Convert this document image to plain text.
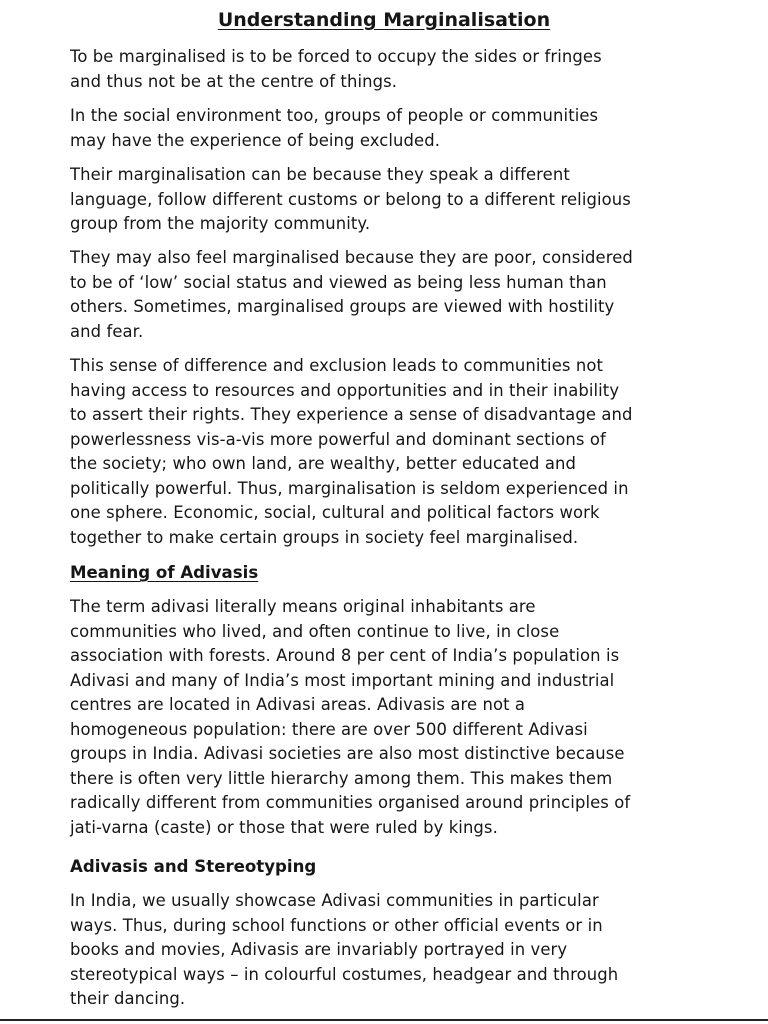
Understanding Marginalisation

To be marginalised is to be forced to occupy the sides or fringes
and thus not be at the centre of things.

In the social environment too, groups of people or communities
may have the experience of being excluded.

Their marginalisation can be because they speak a different
language, follow different customs or belong to a different religious
group from the majority community.

They may also feel marginalised because they are poor, considered
to be of ‘low’ social status and viewed as being less human than
others. Sometimes, marginalised groups are viewed with hostility
and fear.

This sense of difference and exclusion leads to communities not
having access to resources and opportunities and in their inability
to assert their rights. They experience a sense of disadvantage and
powerlessness vis-a-vis more powerful and dominant sections of
the society; who own land, are wealthy, better educated and
politically powerful. Thus, marginalisation is seldom experienced in
one sphere. Economic, social, cultural and political factors work
together to make certain groups in society feel marginalised.

Meaning of Adivasis

The term adivasi literally means original inhabitants are
communities who lived, and often continue to live, in close
association with forests. Around 8 per cent of India’s population is
Adivasi and many of India’s most important mining and industrial
centres are located in Adivasi areas. Adivasis are not a
homogeneous population: there are over 500 different Adivasi
groups in India. Adivasi societies are also most distinctive because
there is often very little hierarchy among them. This makes them
radically different from communities organised around principles of
jati-varna (caste) or those that were ruled by kings.

Adivasis and Stereotyping

In India, we usually showcase Adivasi communities in particular
ways. Thus, during school functions or other official events or in
books and movies, Adivasis are invariably portrayed in very
stereotypical ways – in colourful costumes, headgear and through
their dancing.
